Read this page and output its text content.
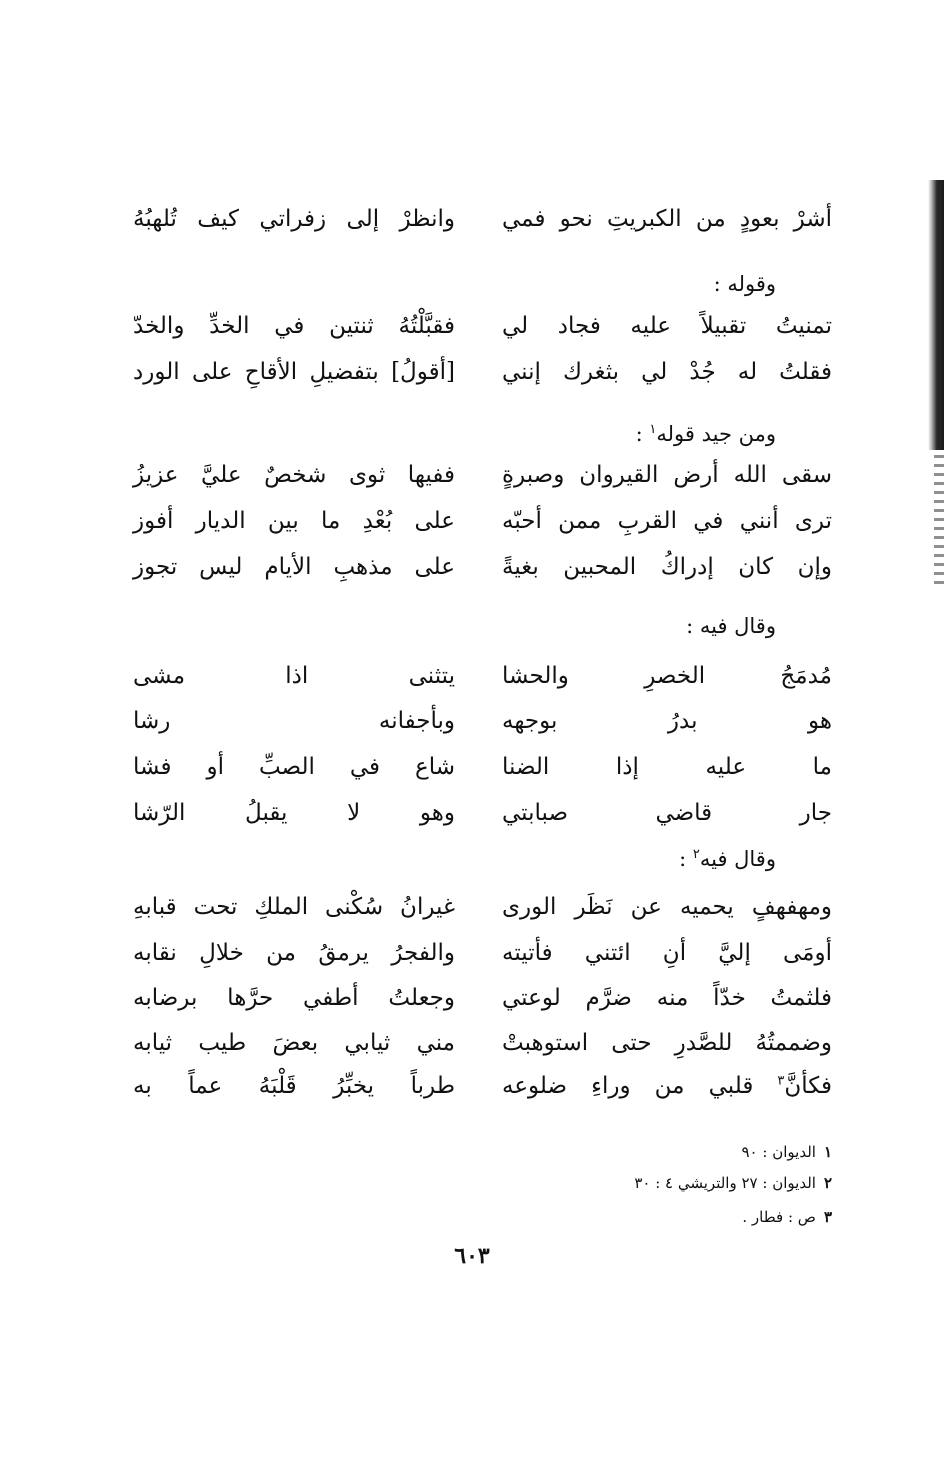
أشرْ بعودٍ من الكبريتِ نحو فمي
وانظرْ إلى زفراتي كيف تُلهبُهُ
وقوله :
تمنيتُ تقبيلاً عليه فجاد لي
فقبَّلْتُهُ ثنتين في الخدِّ والخدّ
فقلتُ له جُدْ لي بثغرك إنني
[أقولُ] بتفضيلِ الأقاحِ على الورد
ومن جيد قوله$^١$ :
سقى الله أرض القيروان وصبرةٍ
ففيها ثوى شخصٌ عليَّ عزيزُ
ترى أنني في القربِ ممن أحبّه
على بُعْدِ ما بين الديار أفوز
وإن كان إدراكُ المحبين بغيةً
على مذهبِ الأيام ليس تجوز
وقال فيه :
مُدمَجُ الخصرِ والحشا
يتثنى اذا مشى
هو بدرُ بوجهه
وبأجفانه رشا
ما عليه إذا الضنا
شاع في الصبِّ أو فشا
جار قاضي صبابتي
وهو لا يقبلُ الرّشا
وقال فيه$^٢$ :
ومهفهفٍ يحميه عن نَظَر الورى
غيرانُ سُكْنى الملكِ تحت قبابهِ
أومَى إليَّ أنِ ائتني فأتيته
والفجرُ يرمقُ من خلالِ نقابه
فلثمتُ خدّاً منه ضرَّم لوعتي
وجعلتُ أطفي حرَّها برضابه
وضممتُهُ للصَّدرِ حتى استوهبتْ
مني ثيابي بعضَ طيب ثيابه
فكأنَّ$^٣$ قلبي من وراءِ ضلوعه
طرباً يخبِّرُ قَلْبَهُ عماً به
١الديوان : ٩٠
٢الديوان : ٢٧ والتريشي ٤ : ٣٠
٣ص : فطار .
٦٠٣
